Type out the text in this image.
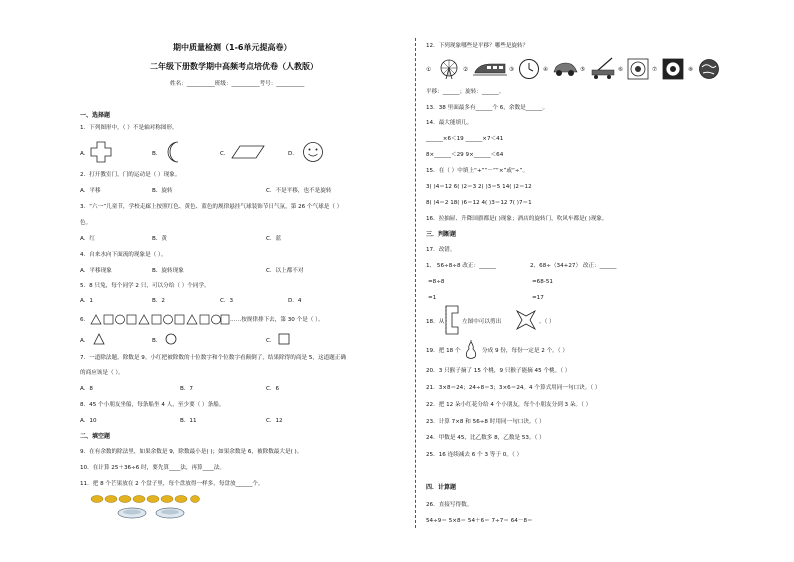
期中质量检测（1-6单元提高卷）
二年级下册数学期中高频考点培优卷（人教版）
姓名：__________班级：__________考号：__________
一、选择题
1．下列图形中，（ ）不是轴对称图形。
A．	B．	C．	D．
2．打开教室门，门的运动是（ ）现象。
A．平移	B．旋转	C．不是平移，也不是旋转
3．“六一”儿童节，学校走廊上按照红色、黄色、蓝色的规律悬挂气球装饰节日气氛，第 26 个气球是（ ）
色。
A．红	B．黄	C．蓝
4．自来水向下面流的现象是（ ）。
A．平移现象	B．旋转现象	C．以上都不对
5．8 只兔，每个同学 2 只，可以分给（ ）个同学。
A．1	B．2	C．3	D．4
6．	……按规律排下去，第 30 个是（ ）。
A．	B．	C．
7．一道除法题，除数是 9。小红把被除数的十位数字和个位数字看颠倒了，结果除得的商是 5，这道题正确
的商应该是（ ）。
A．8	B．7	C．6
8．45 个小朋友坐船，每条船坐 4 人，至少要（ ）条船。
A．10	B．11	C．12
二、填空题
9．在有余数的除法里，如果余数是 9，除数最小是( )；如果余数是 6，被除数最大是( )。
10．在计算 25＋36÷6 时，要先算____法，再算____法。
11．把 8 个芒果放在 2 个盘子里，每个盘放得一样多，每盘放______个。
12．下列现象哪些是平移？哪些是旋转？
①	②	③	④	⑤	⑥	⑦	⑧
平移：______；旋转：______。
13．38 里面最多有______个 6，余数是______。
14．最大能填几。
______×6＜19 ______×7＜41
8×______＜29 9×______＜64
15．在（ ）中填上“+”“－”“×”或“÷”。
3( )4＝12 6( )2＝3 2( )3＝5 14( )2＝12
8( )4＝2 18( )6＝12 4( )3＝12 7( )7＝1
16．拉抽屉、升降国旗都是( )现象；酒店的旋转门，吹风车都是( )现象。
三．判断题
17．改错。
1、 56÷8÷8 改正：______	2、68÷（34+27） 改正：______
=8÷8	=68-51
=1	=17
18．从	左图中可以剪出	。（ ）
19．把 18 个	分成 9 份，每份一定是 2 个。（ ）
20．3 只猴子摘了 15 个桃，9 只猴子能摘 45 个桃。（ ）
21．3×8＝24；24÷8＝3；3×6＝24。4 个算式用同一句口诀。（ ）
22．把 12 朵小红花分给 4 个小朋友，每个小朋友分到 3 朵。（ ）
23．计算 7×8 和 56÷8 时用同一句口诀。（ ）
24．甲数是 45，比乙数多 8，乙数是 53。（ ）
25．16 连续减去 6 个 3 等于 0。（ ）
四．计算题
26．直接写得数。
54÷9＝ 5×8＝ 54＋6＝ 7÷7＝ 64－8＝
